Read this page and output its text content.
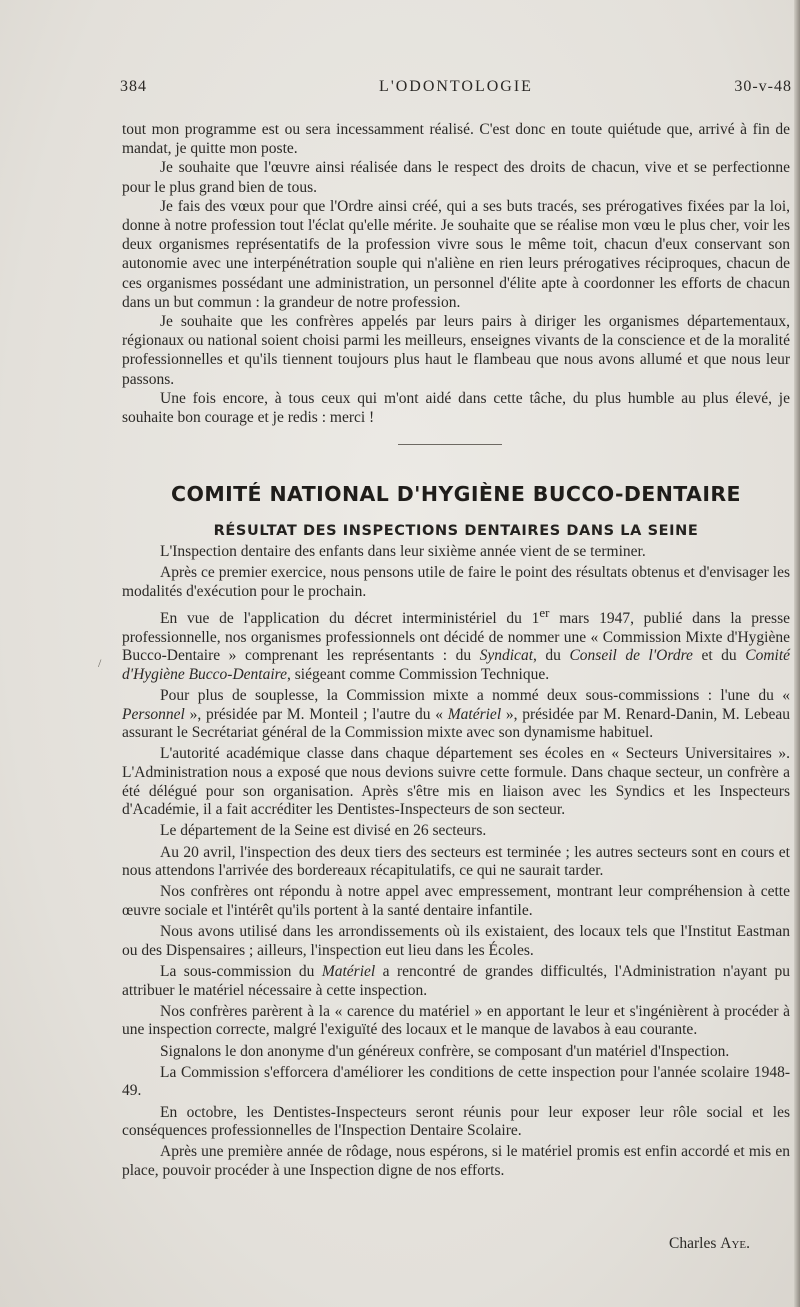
384	L'ODONTOLOGIE	30-v-48

tout mon programme est ou sera incessamment réalisé. C'est donc en toute quiétude que, arrivé à fin de mandat, je quitte mon poste.

Je souhaite que l'œuvre ainsi réalisée dans le respect des droits de chacun, vive et se perfectionne pour le plus grand bien de tous.

Je fais des vœux pour que l'Ordre ainsi créé, qui a ses buts tracés, ses prérogatives fixées par la loi, donne à notre profession tout l'éclat qu'elle mérite. Je souhaite que se réalise mon vœu le plus cher, voir les deux organismes représentatifs de la profession vivre sous le même toit, chacun d'eux conservant son autonomie avec une interpénétration souple qui n'aliène en rien leurs prérogatives réciproques, chacun de ces organismes possédant une administration, un personnel d'élite apte à coordonner les efforts de chacun dans un but commun : la grandeur de notre profession.

Je souhaite que les confrères appelés par leurs pairs à diriger les organismes départementaux, régionaux ou national soient choisi parmi les meilleurs, enseignes vivants de la conscience et de la moralité professionnelles et qu'ils tiennent toujours plus haut le flambeau que nous avons allumé et que nous leur passons.

Une fois encore, à tous ceux qui m'ont aidé dans cette tâche, du plus humble au plus élevé, je souhaite bon courage et je redis : merci !

COMITÉ NATIONAL D'HYGIÈNE BUCCO-DENTAIRE
RÉSULTAT DES INSPECTIONS DENTAIRES DANS LA SEINE
/

L'Inspection dentaire des enfants dans leur sixième année vient de se terminer.

Après ce premier exercice, nous pensons utile de faire le point des résultats obtenus et d'envisager les modalités d'exécution pour le prochain.

En vue de l'application du décret interministériel du 1er mars 1947, publié dans la presse professionnelle, nos organismes professionnels ont décidé de nommer une « Commission Mixte d'Hygiène Bucco-Dentaire » comprenant les représentants : du Syndicat, du Conseil de l'Ordre et du Comité d'Hygiène Bucco-Dentaire, siégeant comme Commission Technique.

Pour plus de souplesse, la Commission mixte a nommé deux sous-commissions : l'une du « Personnel », présidée par M. Monteil ; l'autre du « Matériel », présidée par M. Renard-Danin, M. Lebeau assurant le Secrétariat général de la Commission mixte avec son dynamisme habituel.

L'autorité académique classe dans chaque département ses écoles en « Secteurs Universitaires ». L'Administration nous a exposé que nous devions suivre cette formule. Dans chaque secteur, un confrère a été délégué pour son organisation. Après s'être mis en liaison avec les Syndics et les Inspecteurs d'Académie, il a fait accréditer les Dentistes-Inspecteurs de son secteur.

Le département de la Seine est divisé en 26 secteurs.

Au 20 avril, l'inspection des deux tiers des secteurs est terminée ; les autres secteurs sont en cours et nous attendons l'arrivée des bordereaux récapitulatifs, ce qui ne saurait tarder.

Nos confrères ont répondu à notre appel avec empressement, montrant leur compréhension à cette œuvre sociale et l'intérêt qu'ils portent à la santé dentaire infantile.

Nous avons utilisé dans les arrondissements où ils existaient, des locaux tels que l'Institut Eastman ou des Dispensaires ; ailleurs, l'inspection eut lieu dans les Écoles.

La sous-commission du Matériel a rencontré de grandes difficultés, l'Administration n'ayant pu attribuer le matériel nécessaire à cette inspection.

Nos confrères parèrent à la « carence du matériel » en apportant le leur et s'ingénièrent à procéder à une inspection correcte, malgré l'exiguïté des locaux et le manque de lavabos à eau courante.

Signalons le don anonyme d'un généreux confrère, se composant d'un matériel d'Inspection.

La Commission s'efforcera d'améliorer les conditions de cette inspection pour l'année scolaire 1948-49.

En octobre, les Dentistes-Inspecteurs seront réunis pour leur exposer leur rôle social et les conséquences professionnelles de l'Inspection Dentaire Scolaire.

Après une première année de rôdage, nous espérons, si le matériel promis est enfin accordé et mis en place, pouvoir procéder à une Inspection digne de nos efforts.

Charles Aye.
